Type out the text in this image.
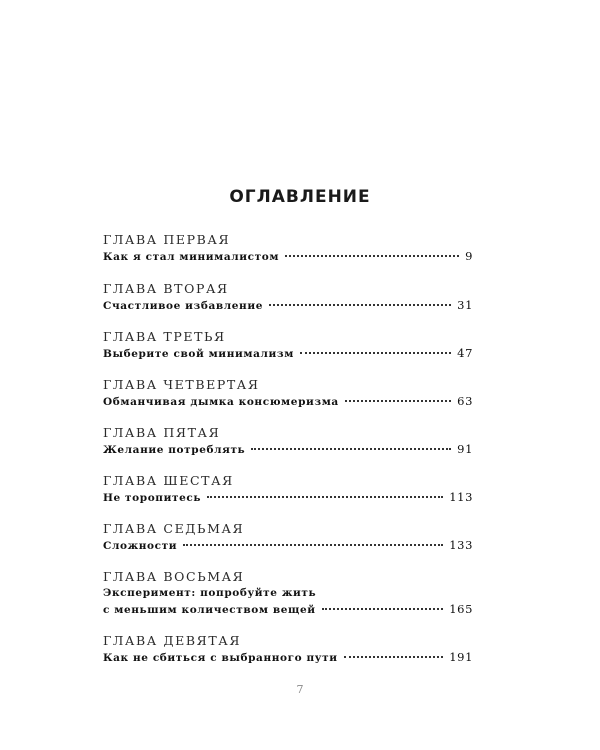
ОГЛАВЛЕНИЕ
ГЛАВА ПЕРВАЯ
Как я стал минималистом	9
ГЛАВА ВТОРАЯ
Счастливое избавление	31
ГЛАВА ТРЕТЬЯ
Выберите свой минимализм	47
ГЛАВА ЧЕТВЕРТАЯ
Обманчивая дымка консюмеризма	63
ГЛАВА ПЯТАЯ
Желание потреблять	91
ГЛАВА ШЕСТАЯ
Не торопитесь	113
ГЛАВА СЕДЬМАЯ
Сложности	133
ГЛАВА ВОСЬМАЯ
Эксперимент: попробуйте жить
с меньшим количеством вещей	165
ГЛАВА ДЕВЯТАЯ
Как не сбиться с выбранного пути	191
7
